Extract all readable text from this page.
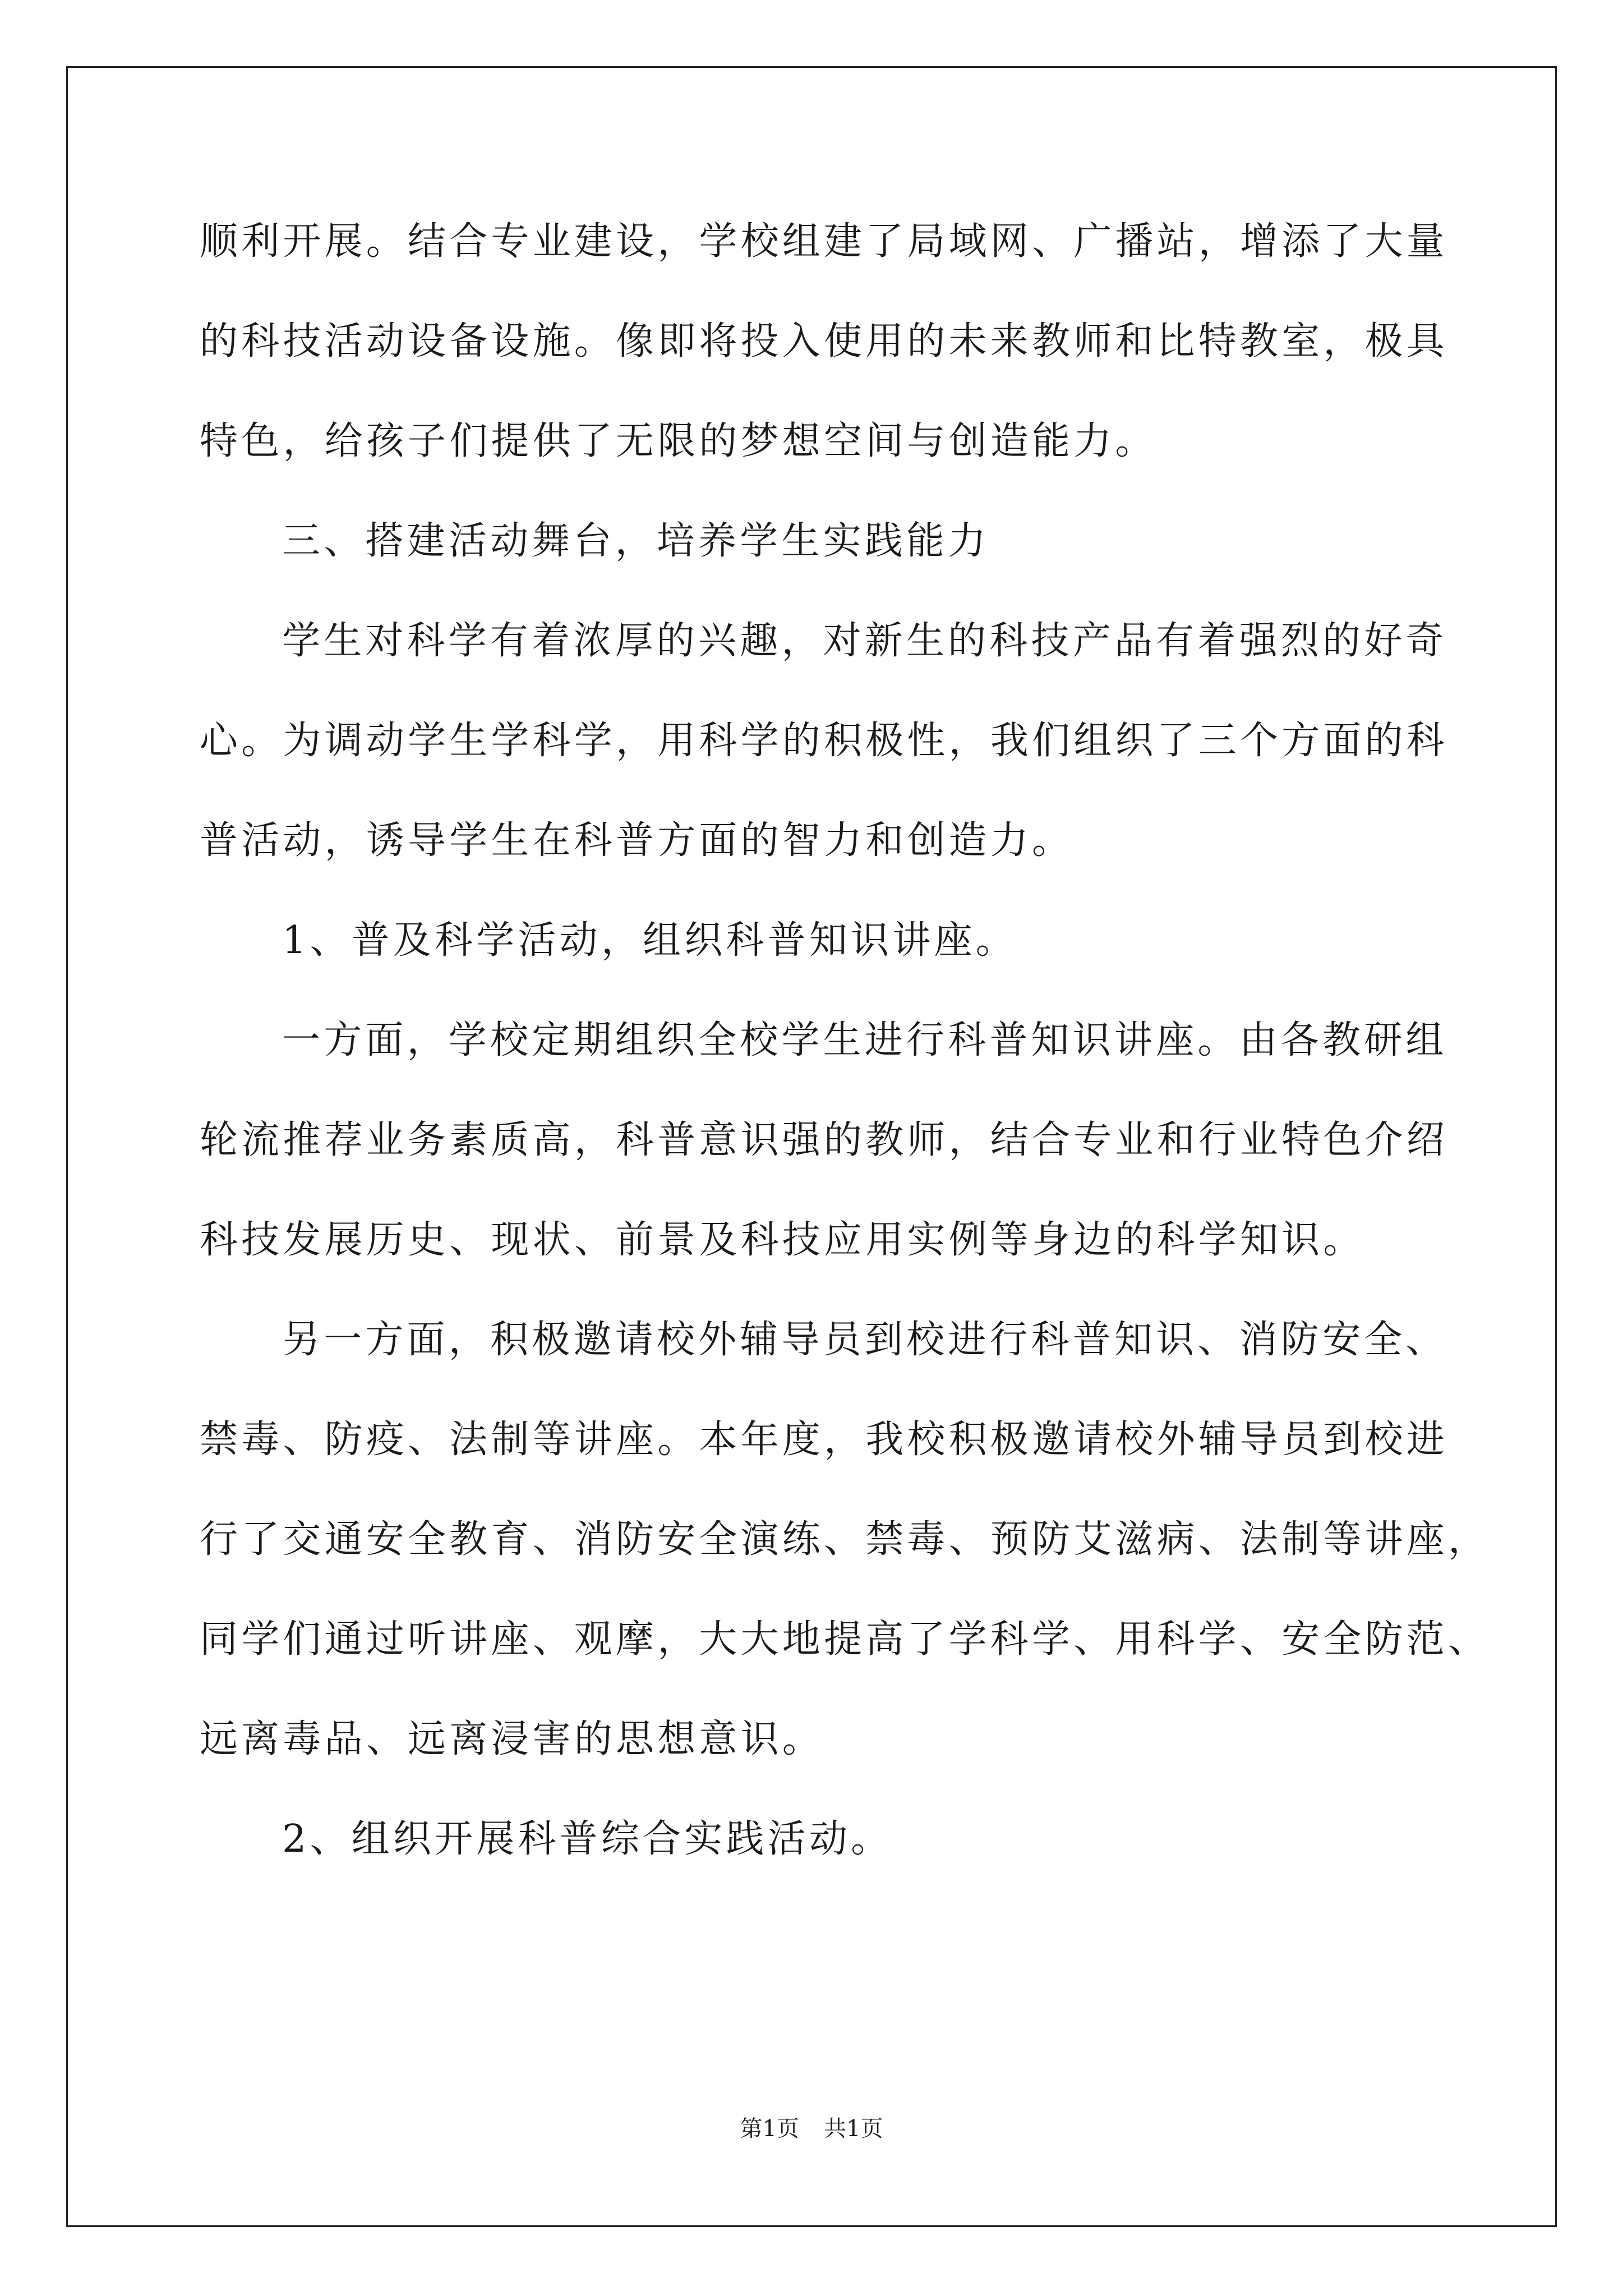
顺利开展。结合专业建设，学校组建了局域网、广播站，增添了大量
的科技活动设备设施。像即将投入使用的未来教师和比特教室，极具
特色，给孩子们提供了无限的梦想空间与创造能力。
三、搭建活动舞台，培养学生实践能力
学生对科学有着浓厚的兴趣，对新生的科技产品有着强烈的好奇
心。为调动学生学科学，用科学的积极性，我们组织了三个方面的科
普活动，诱导学生在科普方面的智力和创造力。
1、普及科学活动，组织科普知识讲座。
一方面，学校定期组织全校学生进行科普知识讲座。由各教研组
轮流推荐业务素质高，科普意识强的教师，结合专业和行业特色介绍
科技发展历史、现状、前景及科技应用实例等身边的科学知识。
另一方面，积极邀请校外辅导员到校进行科普知识、消防安全、
禁毒、防疫、法制等讲座。本年度，我校积极邀请校外辅导员到校进
行了交通安全教育、消防安全演练、禁毒、预防艾滋病、法制等讲座，
同学们通过听讲座、观摩，大大地提高了学科学、用科学、安全防范、
远离毒品、远离浸害的思想意识。
2、组织开展科普综合实践活动。
第1页 共1页
